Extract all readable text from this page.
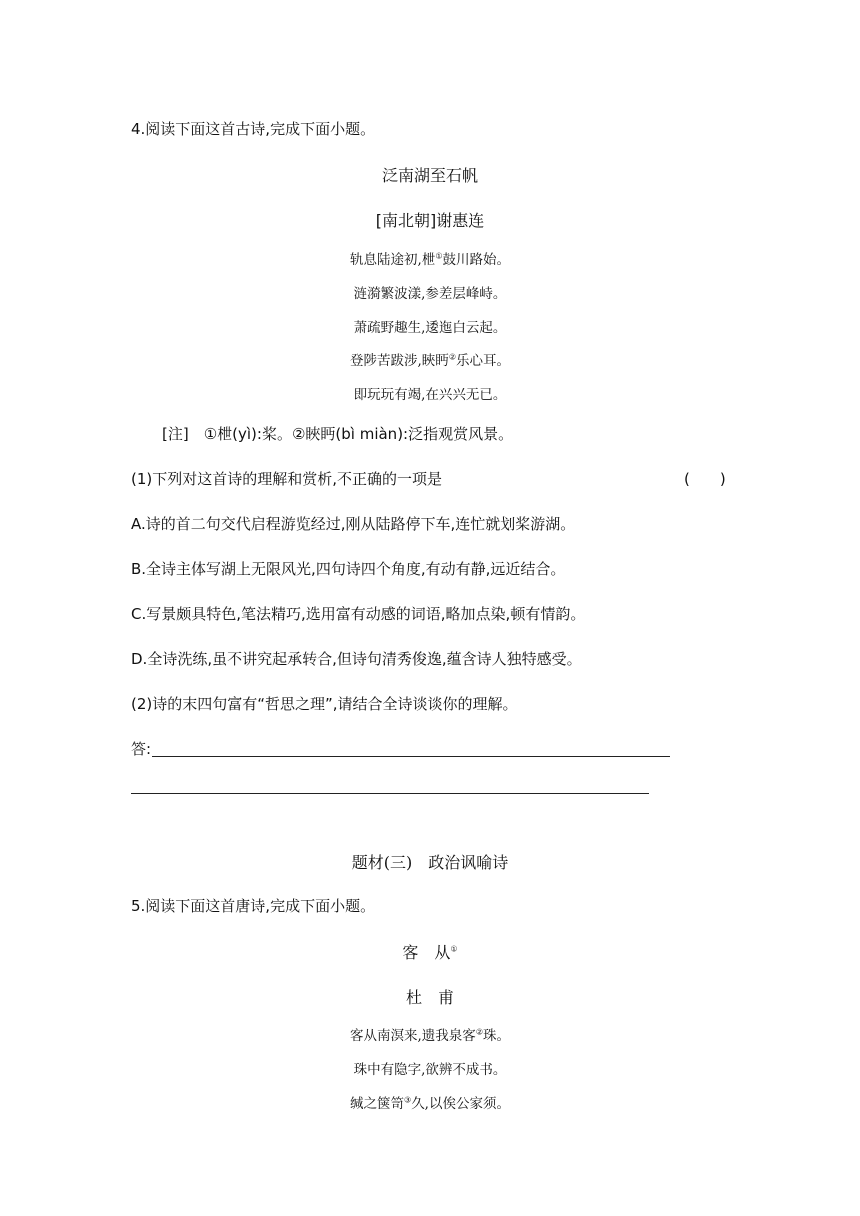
4.阅读下面这首古诗,完成下面小题。
泛南湖至石帆
[南北朝]谢惠连
轨息陆途初,枻①鼓川路始。
涟漪繁波漾,参差层峰峙。
萧疏野趣生,逶迤白云起。
登陟苦跋涉,䀹眄②乐心耳。
即玩玩有竭,在兴兴无已。
[注]　①枻(yì):桨。②䀹眄(bì miàn):泛指观赏风景。
(1)下列对这首诗的理解和赏析,不正确的一项是	(　　)
A.诗的首二句交代启程游览经过,刚从陆路停下车,连忙就划桨游湖。
B.全诗主体写湖上无限风光,四句诗四个角度,有动有静,远近结合。
C.写景颇具特色,笔法精巧,选用富有动感的词语,略加点染,顿有情韵。
D.全诗洗练,虽不讲究起承转合,但诗句清秀俊逸,蕴含诗人独特感受。
(2)诗的末四句富有“哲思之理”,请结合全诗谈谈你的理解。
答:
题材(三)　政治讽喻诗
5.阅读下面这首唐诗,完成下面小题。
客　从①
杜　甫
客从南溟来,遗我泉客②珠。
珠中有隐字,欲辨不成书。
缄之箧笥③久,以俟公家须。
